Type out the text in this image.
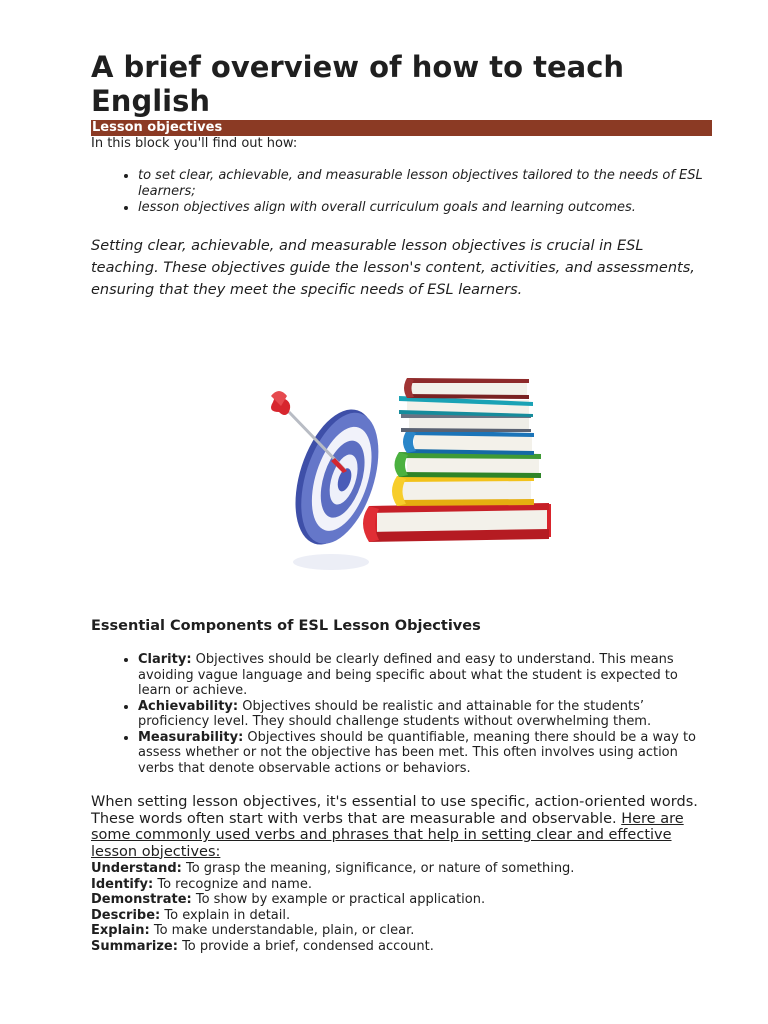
A brief overview of how to teach English
Lesson objectives
In this block you'll find out how:
• to set clear, achievable, and measurable lesson objectives tailored to the needs of ESL learners;
• lesson objectives align with overall curriculum goals and learning outcomes.

Setting clear, achievable, and measurable lesson objectives is crucial in ESL teaching. These objectives guide the lesson's content, activities, and assessments, ensuring that they meet the specific needs of ESL learners.

Essential Components of ESL Lesson Objectives
• Clarity: Objectives should be clearly defined and easy to understand. This means avoiding vague language and being specific about what the student is expected to learn or achieve.
• Achievability: Objectives should be realistic and attainable for the students’ proficiency level. They should challenge students without overwhelming them.
• Measurability: Objectives should be quantifiable, meaning there should be a way to assess whether or not the objective has been met. This often involves using action verbs that denote observable actions or behaviors.

When setting lesson objectives, it's essential to use specific, action-oriented words. These words often start with verbs that are measurable and observable. Here are some commonly used verbs and phrases that help in setting clear and effective lesson objectives:

Understand: To grasp the meaning, significance, or nature of something.
Identify: To recognize and name.
Demonstrate: To show by example or practical application.
Describe: To explain in detail.
Explain: To make understandable, plain, or clear.
Summarize: To provide a brief, condensed account.
